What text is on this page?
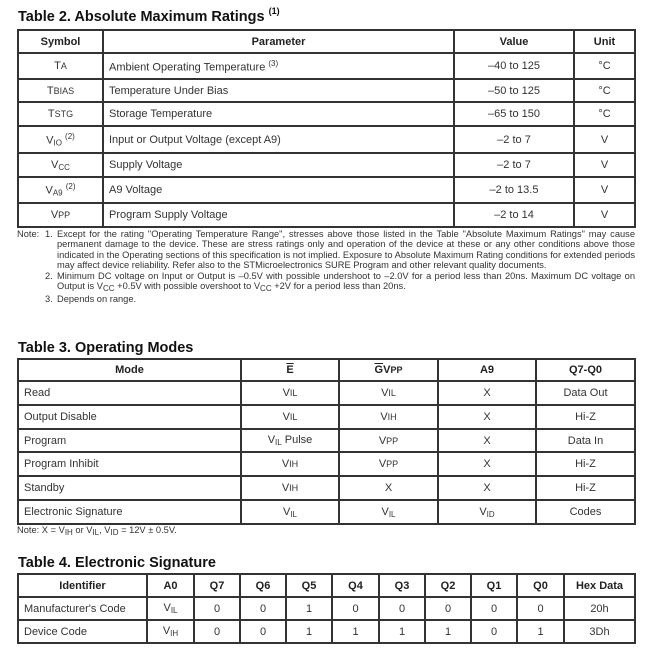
Table 2. Absolute Maximum Ratings $^{(1)}$
Symbol	Parameter	Value	Unit
TA	Ambient Operating Temperature $^{(3)}$	–40 to 125	°C
TBIAS	Temperature Under Bias	–50 to 125	°C
TSTG	Storage Temperature	–65 to 150	°C
$V_{IO}$ $^{(2)}$	Input or Output Voltage (except A9)	–2 to 7	V
$V_{CC}$	Supply Voltage	–2 to 7	V
$V_{A9}$ $^{(2)}$	A9 Voltage	–2 to 13.5	V
VPP	Program Supply Voltage	–2 to 14	V
Note: 1. Except for the rating "Operating Temperature Range", stresses above those listed in the Table "Absolute Maximum Ratings" may cause permanent damage to the device. These are stress ratings only and operation of the device at these or any other conditions above those indicated in the Operating sections of this specification is not implied. Exposure to Absolute Maximum Rating conditions for extended periods may affect device reliability. Refer also to the STMicroelectronics SURE Program and other relevant quality documents.
2. Minimum DC voltage on Input or Output is –0.5V with possible undershoot to –2.0V for a period less than 20ns. Maximum DC voltage on Output is $V_{CC} +0.5V$ with possible overshoot to $V_{CC} +2V$ for a period less than 20ns.
3. Depends on range.
Table 3. Operating Modes
Mode	$\overline{E}$	$\overline{G}VPP$	A9	Q7-Q0
Read	VIL	VIL	X	Data Out
Output Disable	VIL	VIH	X	Hi-Z
Program	$V_{IL}$ Pulse	VPP	X	Data In
Program Inhibit	VIH	VPP	X	Hi-Z
Standby	VIH	X	X	Hi-Z
Electronic Signature	$V_{IL}$	$V_{IL}$	$V_{ID}$	Codes
Note: $X = V_{IH}$ or $V_{IL}$, $V_{ID} = 12V \pm 0.5V$.
Table 4. Electronic Signature
Identifier	A0	Q7	Q6	Q5	Q4	Q3	Q2	Q1	Q0	Hex Data
Manufacturer's Code	$V_{IL}$	0	0	1	0	0	0	0	0	20h
Device Code	$V_{IH}$	0	0	1	1	1	1	0	1	3Dh
